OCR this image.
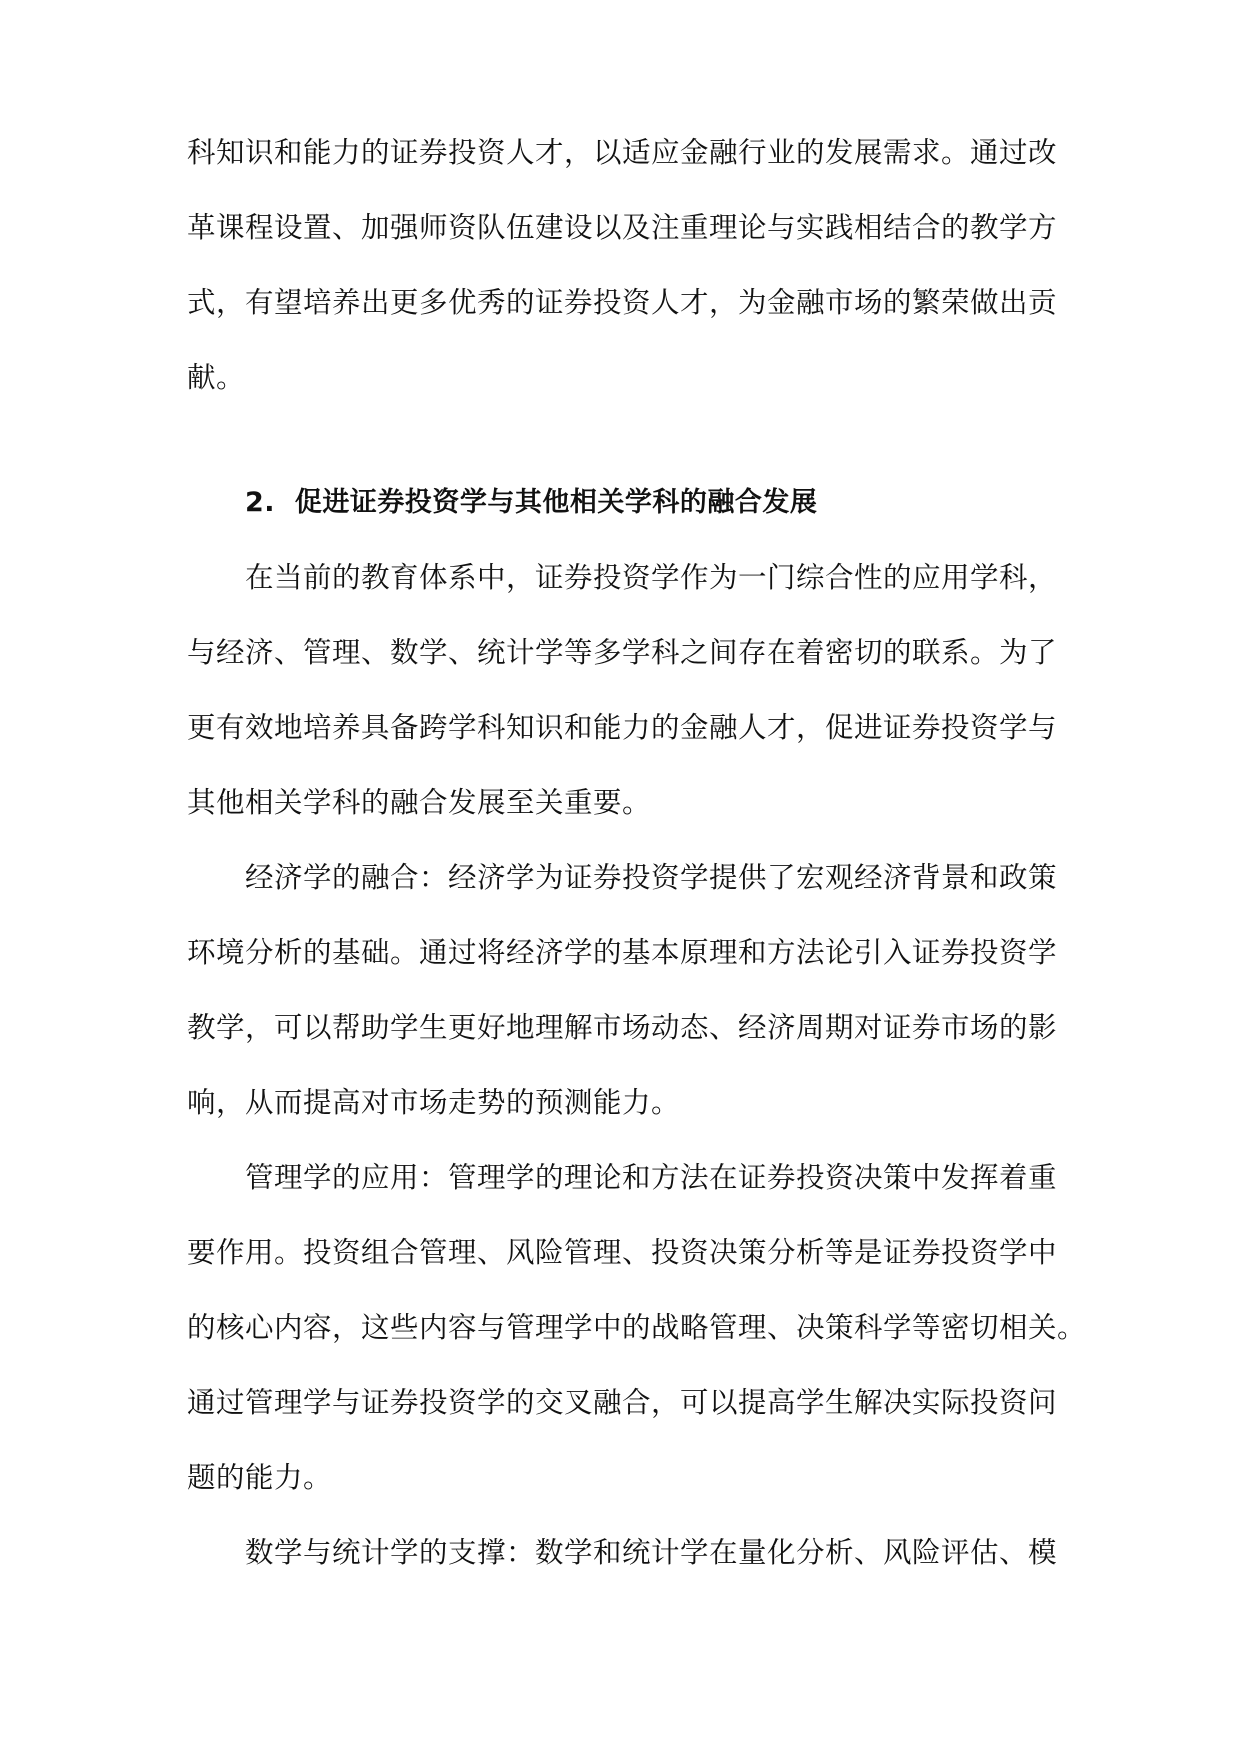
科知识和能力的证券投资人才，以适应金融行业的发展需求。通过改
革课程设置、加强师资队伍建设以及注重理论与实践相结合的教学方
式，有望培养出更多优秀的证券投资人才，为金融市场的繁荣做出贡
献。
2.  促进证券投资学与其他相关学科的融合发展
在当前的教育体系中，证券投资学作为一门综合性的应用学科，
与经济、管理、数学、统计学等多学科之间存在着密切的联系。为了
更有效地培养具备跨学科知识和能力的金融人才，促进证券投资学与
其他相关学科的融合发展至关重要。
经济学的融合：经济学为证券投资学提供了宏观经济背景和政策
环境分析的基础。通过将经济学的基本原理和方法论引入证券投资学
教学，可以帮助学生更好地理解市场动态、经济周期对证券市场的影
响，从而提高对市场走势的预测能力。
管理学的应用：管理学的理论和方法在证券投资决策中发挥着重
要作用。投资组合管理、风险管理、投资决策分析等是证券投资学中
的核心内容，这些内容与管理学中的战略管理、决策科学等密切相关。
通过管理学与证券投资学的交叉融合，可以提高学生解决实际投资问
题的能力。
数学与统计学的支撑：数学和统计学在量化分析、风险评估、模
